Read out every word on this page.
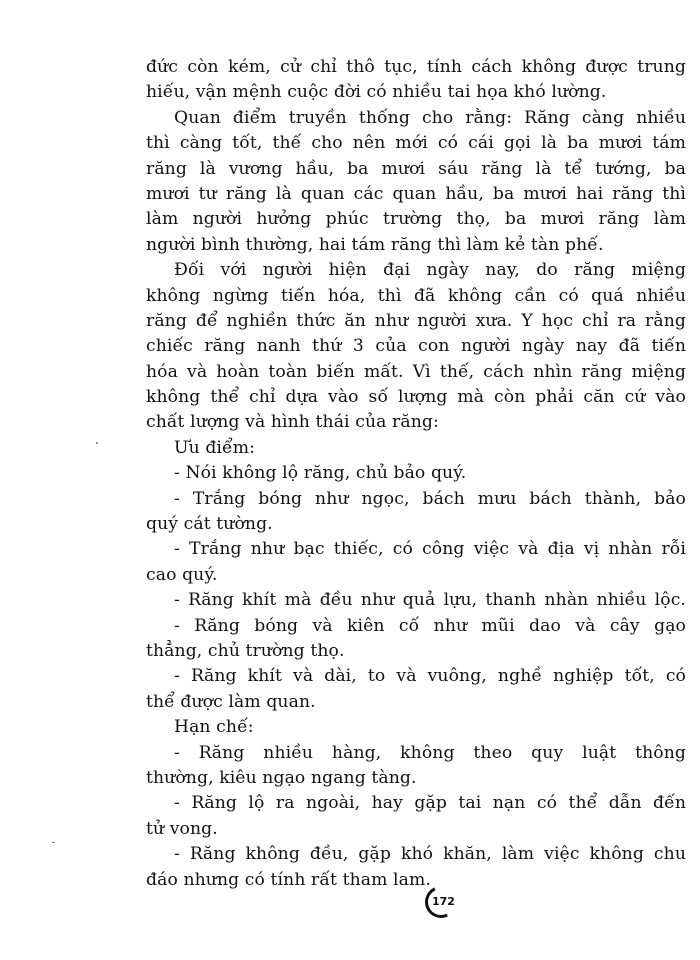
đức còn kém, cử chỉ thô tục, tính cách không được trung
hiếu, vận mệnh cuộc đời có nhiều tai họa khó lường.
Quan điểm truyền thống cho rằng: Răng càng nhiều
thì càng tốt, thế cho nên mới có cái gọi là ba mươi tám
răng là vương hầu, ba mươi sáu răng là tể tướng, ba
mươi tư răng là quan các quan hầu, ba mươi hai răng thì
làm người hưởng phúc trường thọ, ba mươi răng làm
người bình thường, hai tám răng thì làm kẻ tàn phế.
Đối với người hiện đại ngày nay, do răng miệng
không ngừng tiến hóa, thì đã không cần có quá nhiều
răng để nghiền thức ăn như người xưa. Y học chỉ ra rằng
chiếc răng nanh thứ 3 của con người ngày nay đã tiến
hóa và hoàn toàn biến mất. Vì thế, cách nhìn răng miệng
không thể chỉ dựa vào số lượng mà còn phải căn cứ vào
chất lượng và hình thái của răng:
Ưu điểm:
- Nói không lộ răng, chủ bảo quý.
- Trắng bóng như ngọc, bách mưu bách thành, bảo
quý cát tường.
- Trắng như bạc thiếc, có công việc và địa vị nhàn rỗi
cao quý.
- Răng khít mà đều như quả lựu, thanh nhàn nhiều lộc.
- Răng bóng và kiên cố như mũi dao và cây gạo
thẳng, chủ trường thọ.
- Răng khít và dài, to và vuông, nghề nghiệp tốt, có
thể được làm quan.
Hạn chế:
- Răng nhiều hàng, không theo quy luật thông
thường, kiêu ngạo ngang tàng.
- Răng lộ ra ngoài, hay gặp tai nạn có thể dẫn đến
tử vong.
- Răng không đều, gặp khó khăn, làm việc không chu
đáo nhưng có tính rất tham lam.
172
